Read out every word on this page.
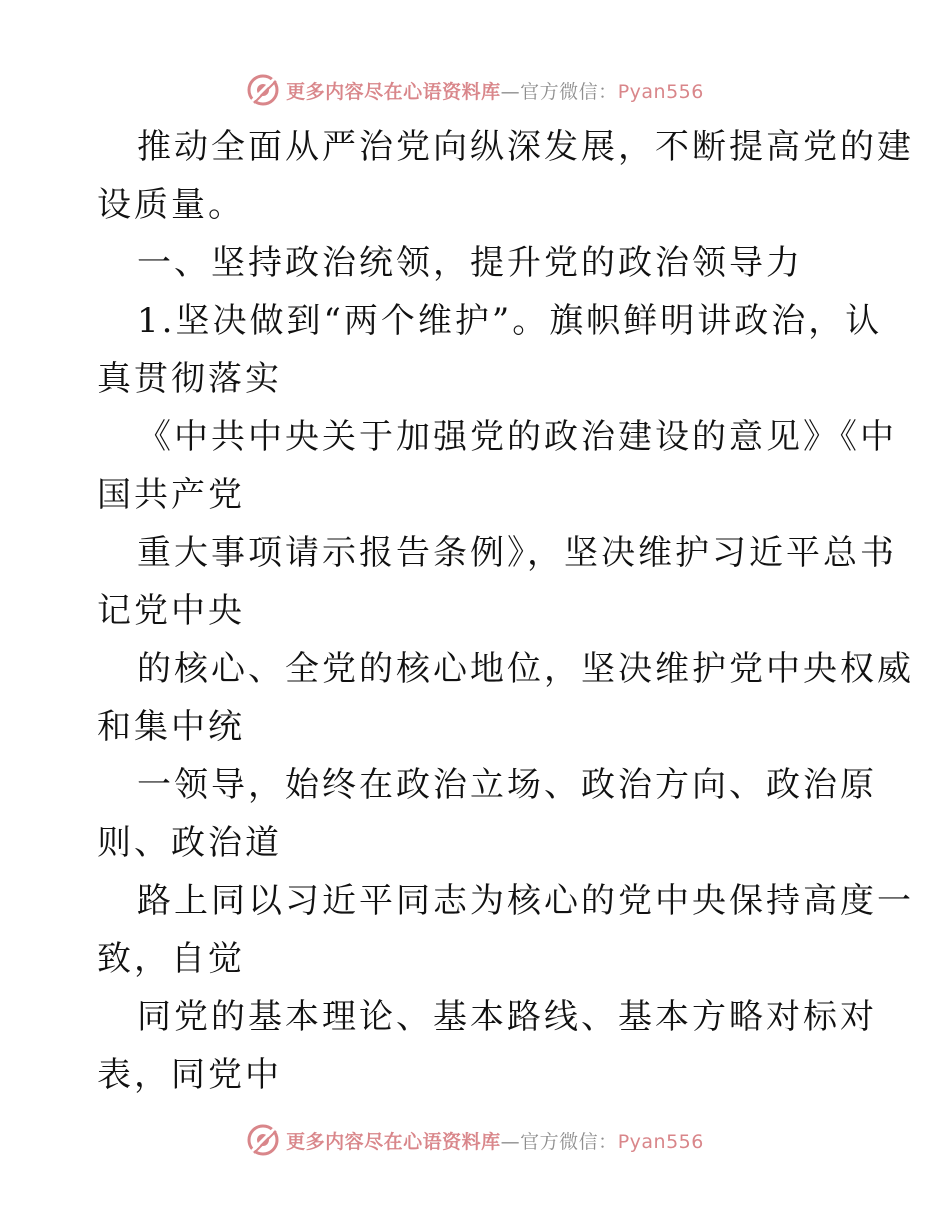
更多内容尽在心语资料库—官方微信：Pyan556
推动全面从严治党向纵深发展，不断提高党的建
设质量。
一、坚持政治统领，提升党的政治领导力
1.坚决做到“两个维护”。旗帜鲜明讲政治，认
真贯彻落实
《中共中央关于加强党的政治建设的意见》《中
国共产党
重大事项请示报告条例》，坚决维护习近平总书
记党中央
的核心、全党的核心地位，坚决维护党中央权威
和集中统
一领导，始终在政治立场、政治方向、政治原
则、政治道
路上同以习近平同志为核心的党中央保持高度一
致，自觉
同党的基本理论、基本路线、基本方略对标对
表，同党中
更多内容尽在心语资料库—官方微信：Pyan556
